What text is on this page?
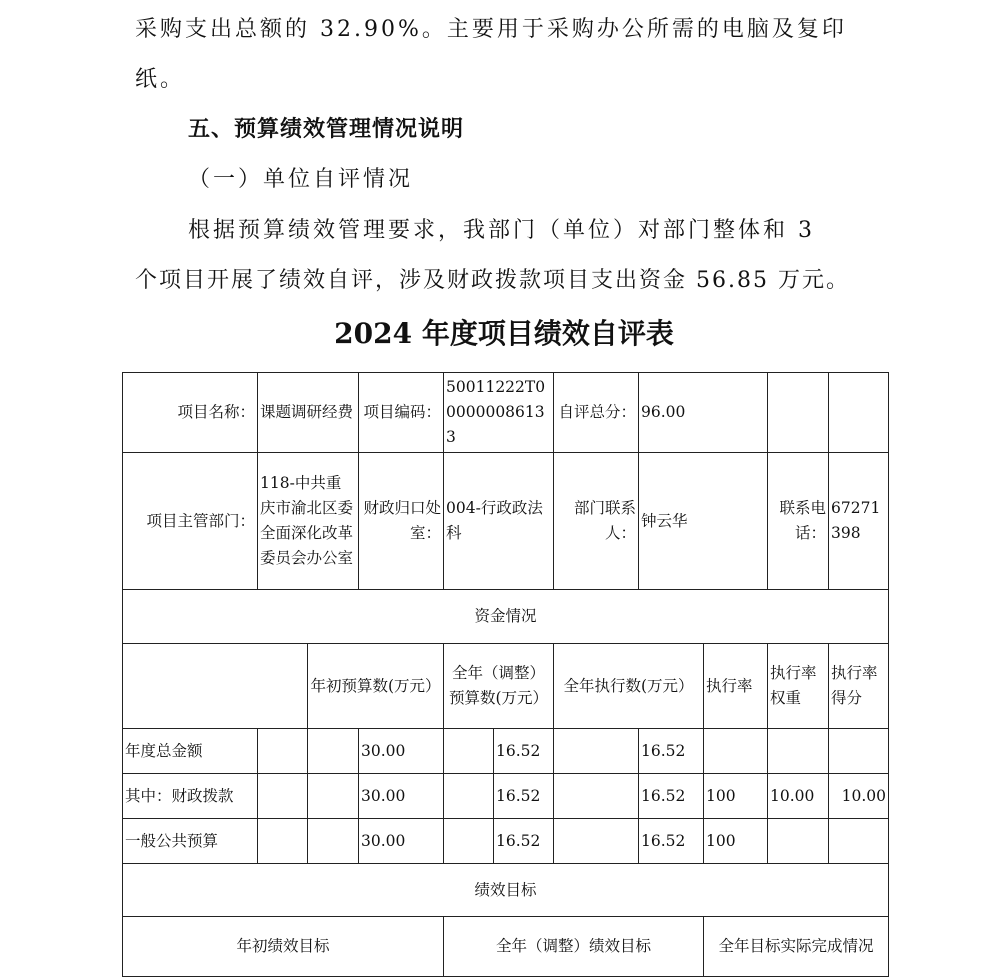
采购支出总额的 32.90%。主要用于采购办公所需的电脑及复印
纸。
五、预算绩效管理情况说明
（一）单位自评情况
根据预算绩效管理要求，我部门（单位）对部门整体和 3
个项目开展了绩效自评，涉及财政拨款项目支出资金 56.85 万元。
2024 年度项目绩效自评表
项目名称：	课题调研经费		项目编码：	50011222T000000086133		自评总分：	96.00			
项目主管部门：	118-中共重庆市渝北区委全面深化改革委员会办公室		财政归口处室：	004-行政政法科		部门联系人：	钟云华		联系电话：	67271398
资金情况										
		年初预算数(万元）		全年（调整）预算数(万元）		全年执行数(万元）		执行率	执行率权重	执行率得分
年度总金额			30.00		16.52		16.52			
其中：财政拨款			30.00		16.52		16.52	100	10.00	10.00
一般公共预算			30.00		16.52		16.52	100		
绩效目标										
年初绩效目标				全年（调整）绩效目标				全年目标实际完成情况		
